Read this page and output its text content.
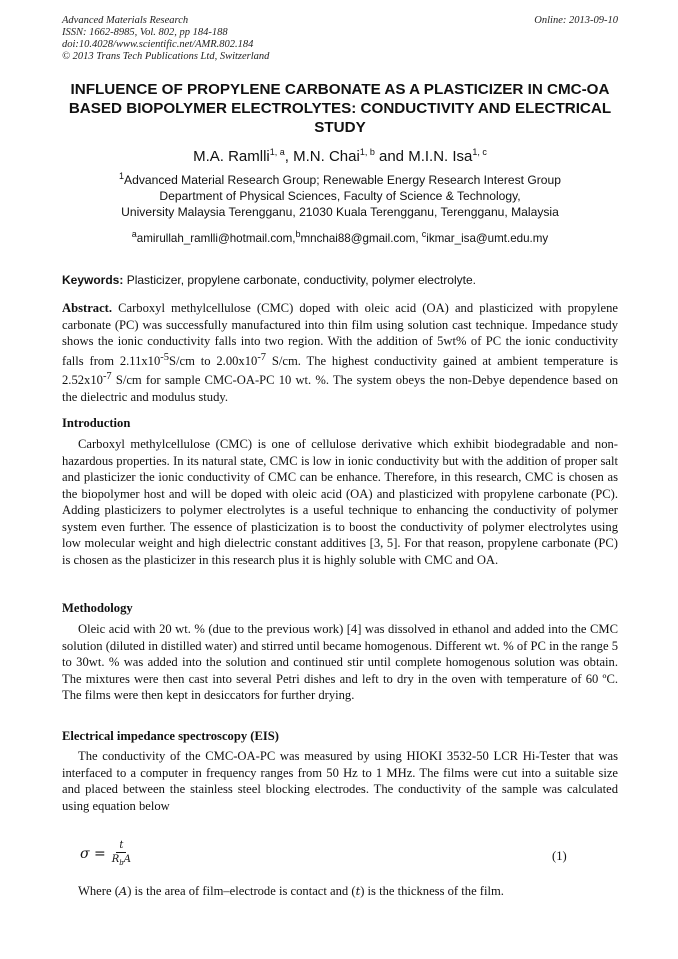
Advanced Materials Research
ISSN: 1662-8985, Vol. 802, pp 184-188
doi:10.4028/www.scientific.net/AMR.802.184
© 2013 Trans Tech Publications Ltd, Switzerland
Online: 2013-09-10
INFLUENCE OF PROPYLENE CARBONATE AS A PLASTICIZER IN CMC-OA BASED BIOPOLYMER ELECTROLYTES: CONDUCTIVITY AND ELECTRICAL STUDY
M.A. Ramlli$^{1, a}$, M.N. Chai$^{1, b}$ and M.I.N. Isa$^{1, c}$
$^1$Advanced Material Research Group; Renewable Energy Research Interest Group
Department of Physical Sciences, Faculty of Science & Technology,
University Malaysia Terengganu, 21030 Kuala Terengganu, Terengganu, Malaysia
$^a$amirullah_ramlli@hotmail.com,$^b$mnchai88@gmail.com, $^c$ikmar_isa@umt.edu.my
Keywords: Plasticizer, propylene carbonate, conductivity, polymer electrolyte.
Abstract. Carboxyl methylcellulose (CMC) doped with oleic acid (OA) and plasticized with propylene carbonate (PC) was successfully manufactured into thin film using solution cast technique. Impedance study shows the ionic conductivity falls into two region. With the addition of 5wt% of PC the ionic conductivity falls from $2.11x10^{-5}S/cm$ to $2.00x10^{-7}$ S/cm. The highest conductivity gained at ambient temperature is $2.52x10^{-7}$ S/cm for sample CMC-OA-PC 10 wt. %. The system obeys the non-Debye dependence based on the dielectric and modulus study.
Introduction
Carboxyl methylcellulose (CMC) is one of cellulose derivative which exhibit biodegradable and non-hazardous properties. In its natural state, CMC is low in ionic conductivity but with the addition of proper salt and plasticizer the ionic conductivity of CMC can be enhance. Therefore, in this research, CMC is chosen as the biopolymer host and will be doped with oleic acid (OA) and plasticized with propylene carbonate (PC). Adding plasticizers to polymer electrolytes is a useful technique to enhancing the conductivity of polymer system even further. The essence of plasticization is to boost the conductivity of polymer electrolytes using low molecular weight and high dielectric constant additives [3, 5]. For that reason, propylene carbonate (PC) is chosen as the plasticizer in this research plus it is highly soluble with CMC and OA.
Methodology
Oleic acid with 20 wt. % (due to the previous work) [4] was dissolved in ethanol and added into the CMC solution (diluted in distilled water) and stirred until became homogenous. Different wt. % of PC in the range 5 to 30wt. % was added into the solution and continued stir until complete homogenous solution was obtain. The mixtures were then cast into several Petri dishes and left to dry in the oven with temperature of 60 ºC. The films were then kept in desiccators for further drying.
Electrical impedance spectroscopy (EIS)
The conductivity of the CMC-OA-PC was measured by using HIOKI 3532-50 LCR Hi-Tester that was interfaced to a computer in frequency ranges from 50 Hz to 1 MHz. The films were cut into a suitable size and placed between the stainless steel blocking electrodes. The conductivity of the sample was calculated using equation below
$\sigma = \frac{t}{R_bA}$	(1)
Where (A) is the area of film–electrode is contact and (t) is the thickness of the film.
